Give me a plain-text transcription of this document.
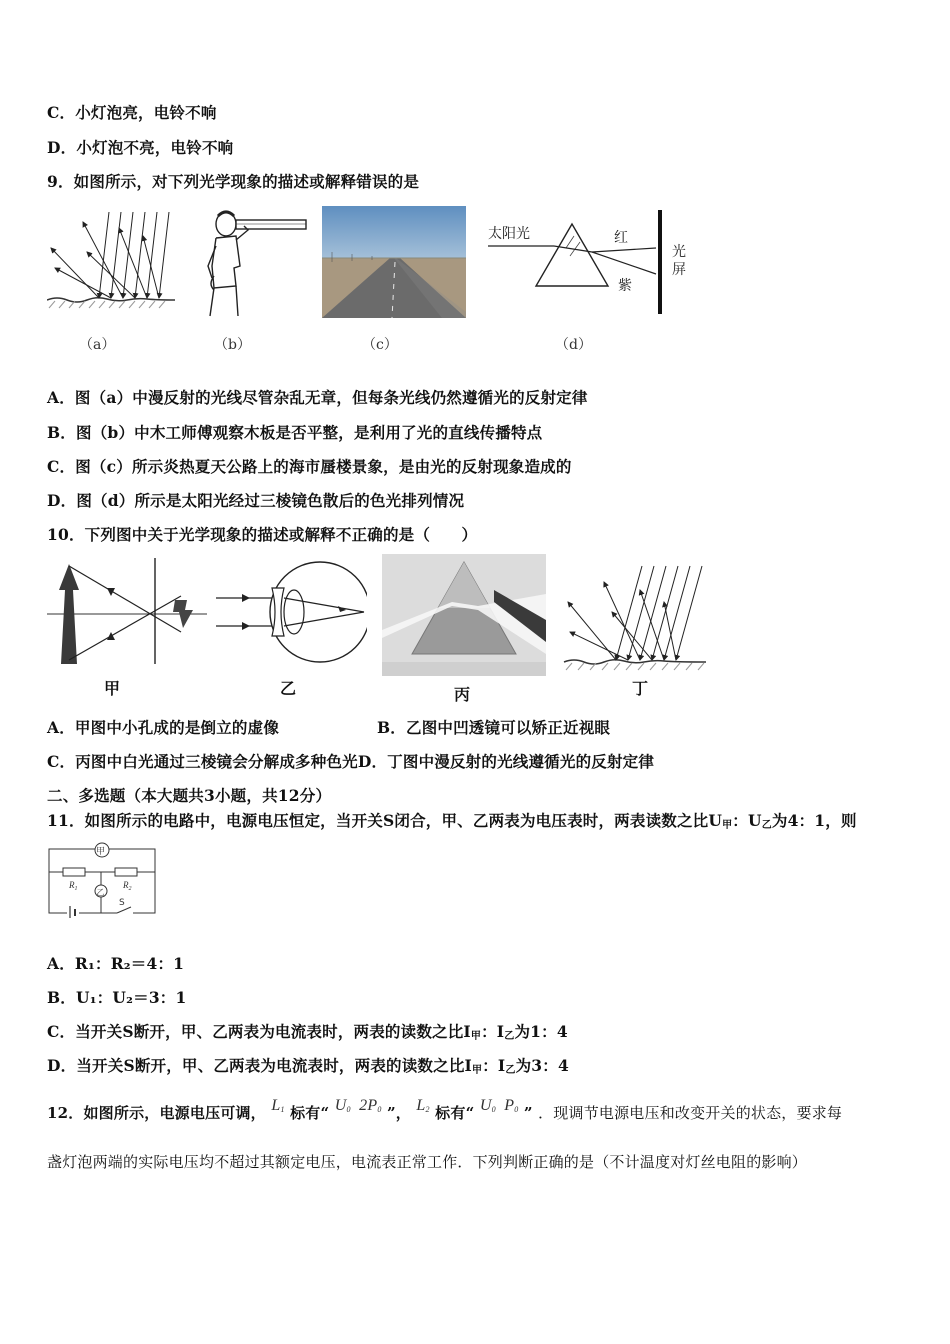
C．小灯泡亮，电铃不响
D．小灯泡不亮，电铃不响
9．如图所示，对下列光学现象的描述或解释错误的是
（a）	（b）	（c）
太阳光	红
紫
光
屏
（d）
A．图（a）中漫反射的光线尽管杂乱无章，但每条光线仍然遵循光的反射定律
B．图（b）中木工师傅观察木板是否平整，是利用了光的直线传播特点
C．图（c）所示炎热夏天公路上的海市蜃楼景象，是由光的反射现象造成的
D．图（d）所示是太阳光经过三棱镜色散后的色光排列情况
10．下列图中关于光学现象的描述或解释不正确的是（　　）
甲	乙	丙	丁
A．甲图中小孔成的是倒立的虚像	B．乙图中凹透镜可以矫正近视眼
C．丙图中白光通过三棱镜会分解成多种色光D．丁图中漫反射的光线遵循光的反射定律
二、多选题（本大题共3小题，共12分）
11．如图所示的电路中，电源电压恒定，当开关S闭合，甲、乙两表为电压表时，两表读数之比$U_甲$：$U_乙$为4：1，则
甲
乙
$R_1$	$R_2$
S
A．R₁：R₂＝4：1
B．U₁：U₂＝3：1
C．当开关S断开，甲、乙两表为电流表时，两表的读数之比$I_甲$：$I_乙$为1：4
D．当开关S断开，甲、乙两表为电流表时，两表的读数之比$I_甲$：$I_乙$为3：4
12．如图所示，电源电压可调， $L_1$ 标有“ $U_0$ $2P_0$ ”， $L_2$ 标有“ $U_0$ $P_0$ ” ．现调节电源电压和改变开关的状态，要求每
盏灯泡两端的实际电压均不超过其额定电压，电流表正常工作．下列判断正确的是（不计温度对灯丝电阻的影响）
